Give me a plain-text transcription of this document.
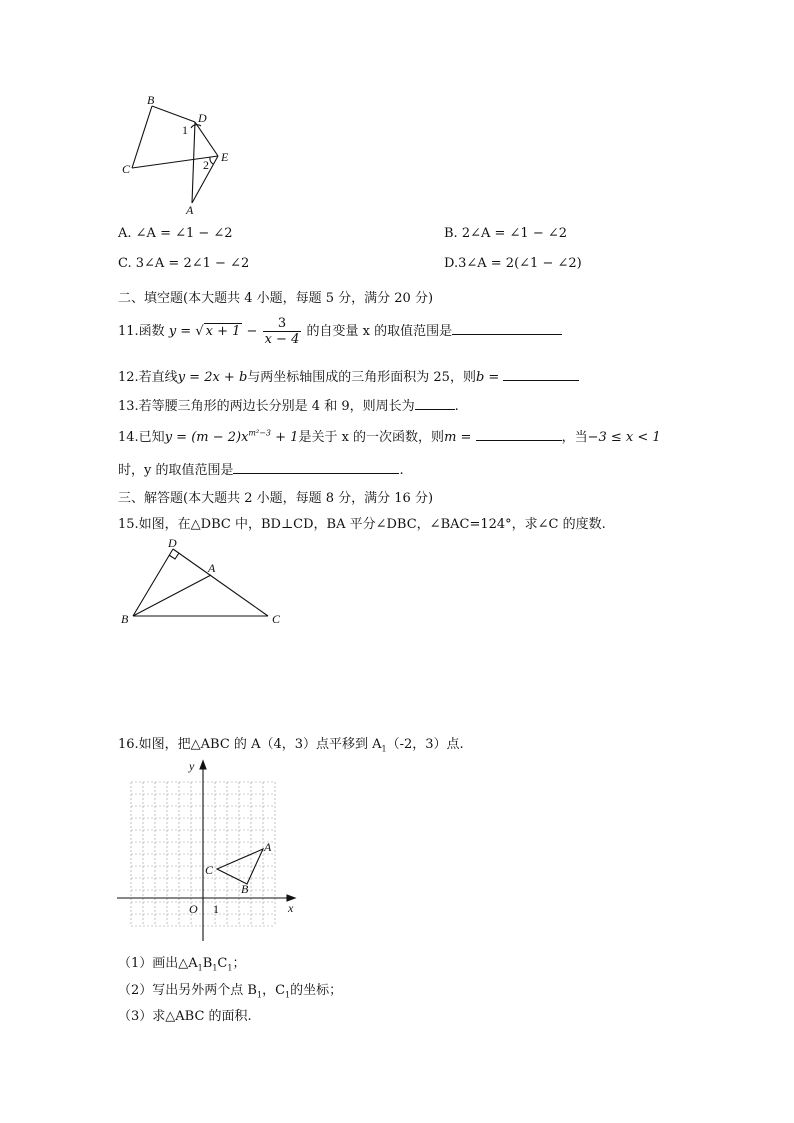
B
D
1
C
E
2
A
A. ∠A = ∠1 − ∠2	B. 2∠A = ∠1 − ∠2
C. 3∠A = 2∠1 − ∠2	D.3∠A = 2(∠1 − ∠2)
二、填空题(本大题共 4 小题，每题 5 分，满分 20 分)
11.函数 y = √ $x + 1 - \frac{3}{x - 4}$ 的自变量 x 的取值范围是
12.若直线y = 2x + b与两坐标轴围成的三角形面积为 25，则b =
13.若等腰三角形的两边长分别是 4 和 9，则周长为	.
14.已知$y = (m - 2)x^{m^2-3} + 1$是关于 x 的一次函数，则m =	，当−3 ≤ x < 1
时，y 的取值范围是	.
三、解答题(本大题共 2 小题，每题 8 分，满分 16 分)
15.如图，在△DBC 中，BD⊥CD，BA 平分∠DBC，∠BAC=124°，求∠C 的度数.
D
A
B	C
16.如图，把△ABC 的 A（4，3）点平移到 $A_1(-2$，3）点.
y
x
O 1
A
B
C
（1）画出$\triangle A_1B_1C_1$；
（2）写出另外两个点 $B_1$，$C_1$的坐标；
（3）求△ABC 的面积.
